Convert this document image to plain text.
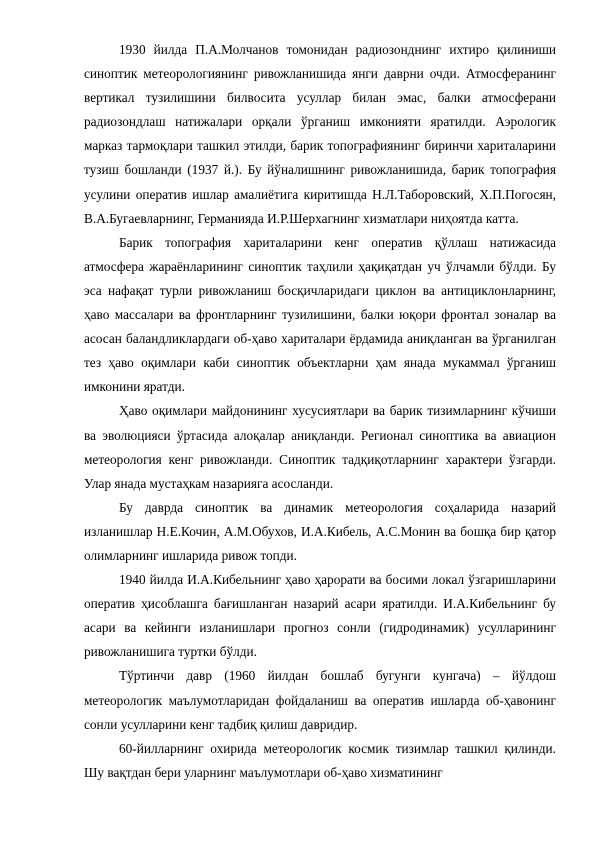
1930 йилда П.А.Молчанов томонидан радиозонднинг ихтиро қилиниши синоптик метеорологиянинг ривожланишида янги даврни очди. Атмосферанинг вертикал тузилишини билвосита усуллар билан эмас, балки атмосферани радиозондлаш натижалари орқали ўрганиш имконияти яратилди. Аэрологик марказ тармоқлари ташкил этилди, барик топографиянинг биринчи хариталарини тузиш бошланди (1937 й.). Бу йўналишнинг ривожланишида, барик топография усулини оператив ишлар амалиётига киритишда Н.Л.Таборовский, Х.П.Погосян, В.А.Бугаевларнинг, Германияда И.Р.Шерхагнинг хизматлари ниҳоятда катта.

Барик топография хариталарини кенг оператив қўллаш натижасида атмосфера жараёнларининг синоптик таҳлили ҳақиқатдан уч ўлчамли бўлди. Бу эса нафақат турли ривожланиш босқичларидаги циклон ва антициклонларнинг, ҳаво массалари ва фронтларнинг тузилишини, балки юқори фронтал зоналар ва асосан баландликлардаги об-ҳаво хариталари ёрдамида аниқланган ва ўрганилган тез ҳаво оқимлари каби синоптик объектларни ҳам янада мукаммал ўрганиш имконини яратди.

Ҳаво оқимлари майдонининг хусусиятлари ва барик тизимларнинг кўчиши ва эволюцияси ўртасида алоқалар аниқланди. Регионал синоптика ва авиацион метеорология кенг ривожланди. Синоптик тадқиқотларнинг характери ўзгарди. Улар янада мустаҳкам назарияга асосланди.

Бу даврда синоптик ва динамик метеорология соҳаларида назарий изланишлар Н.Е.Кочин, А.М.Обухов, И.А.Кибель, А.С.Монин ва бошқа бир қатор олимларнинг ишларида ривож топди.

1940 йилда И.А.Кибельнинг ҳаво ҳарорати ва босими локал ўзгаришларини оператив ҳисоблашга бағишланган назарий асари яратилди. И.А.Кибельнинг бу асари ва кейинги изланишлари прогноз сонли (гидродинамик) усулларининг ривожланишига туртки бўлди.

Тўртинчи давр (1960 йилдан бошлаб бугунги кунгача) – йўлдош метеорологик маълумотларидан фойдаланиш ва оператив ишларда об-ҳавонинг сонли усулларини кенг тадбиқ қилиш давридир.

60-йилларнинг охирида метеорологик космик тизимлар ташкил қилинди. Шу вақтдан бери уларнинг маълумотлари об-ҳаво хизматининг
